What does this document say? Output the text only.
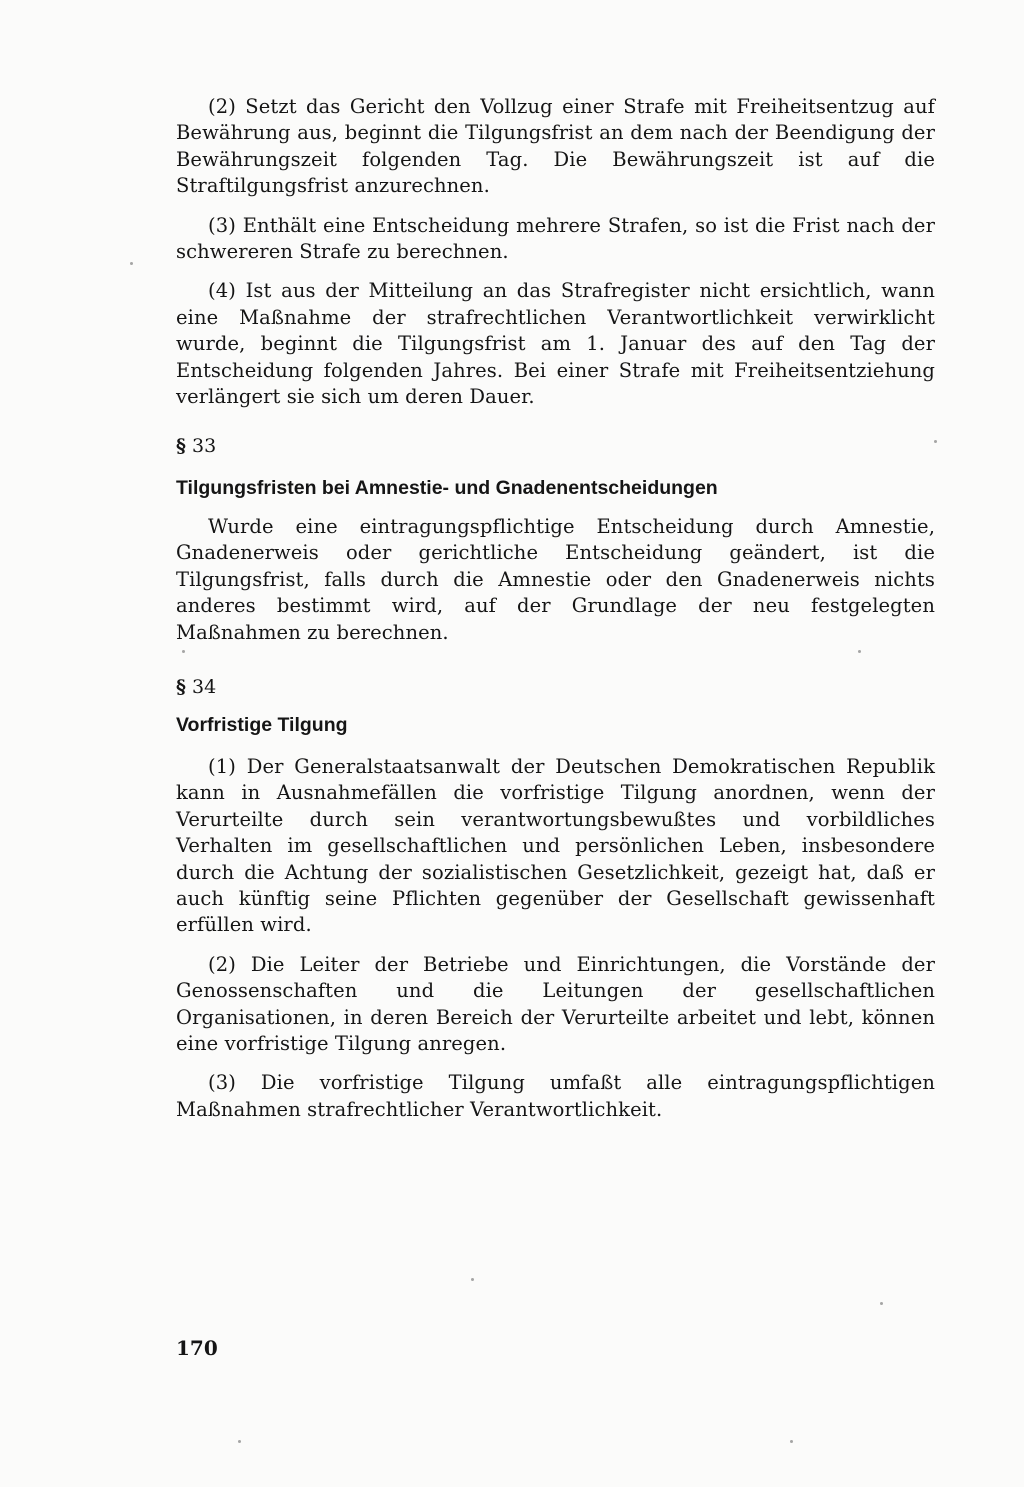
(2) Setzt das Gericht den Vollzug einer Strafe mit Freiheitsentzug auf Bewährung aus, beginnt die Tilgungsfrist an dem nach der Beendigung der Bewährungszeit folgenden Tag. Die Bewährungszeit ist auf die Straftilgungsfrist anzurechnen.

(3) Enthält eine Entscheidung mehrere Strafen, so ist die Frist nach der schwereren Strafe zu berechnen.

(4) Ist aus der Mitteilung an das Strafregister nicht ersichtlich, wann eine Maßnahme der strafrechtlichen Verantwortlichkeit verwirklicht wurde, beginnt die Tilgungsfrist am 1. Januar des auf den Tag der Entscheidung folgenden Jahres. Bei einer Strafe mit Freiheitsentziehung verlängert sie sich um deren Dauer.

§ 33
Tilgungsfristen bei Amnestie- und Gnadenentscheidungen

Wurde eine eintragungspflichtige Entscheidung durch Amnestie, Gnadenerweis oder gerichtliche Entscheidung geändert, ist die Tilgungsfrist, falls durch die Amnestie oder den Gnadenerweis nichts anderes bestimmt wird, auf der Grundlage der neu festgelegten Maßnahmen zu berechnen.

§ 34
Vorfristige Tilgung

(1) Der Generalstaatsanwalt der Deutschen Demokratischen Republik kann in Ausnahmefällen die vorfristige Tilgung anordnen, wenn der Verurteilte durch sein verantwortungsbewußtes und vorbildliches Verhalten im gesellschaftlichen und persönlichen Leben, insbesondere durch die Achtung der sozialistischen Gesetzlichkeit, gezeigt hat, daß er auch künftig seine Pflichten gegenüber der Gesellschaft gewissenhaft erfüllen wird.

(2) Die Leiter der Betriebe und Einrichtungen, die Vorstände der Genossenschaften und die Leitungen der gesellschaftlichen Organisationen, in deren Bereich der Verurteilte arbeitet und lebt, können eine vorfristige Tilgung anregen.

(3) Die vorfristige Tilgung umfaßt alle eintragungspflichtigen Maßnahmen strafrechtlicher Verantwortlichkeit.

170
